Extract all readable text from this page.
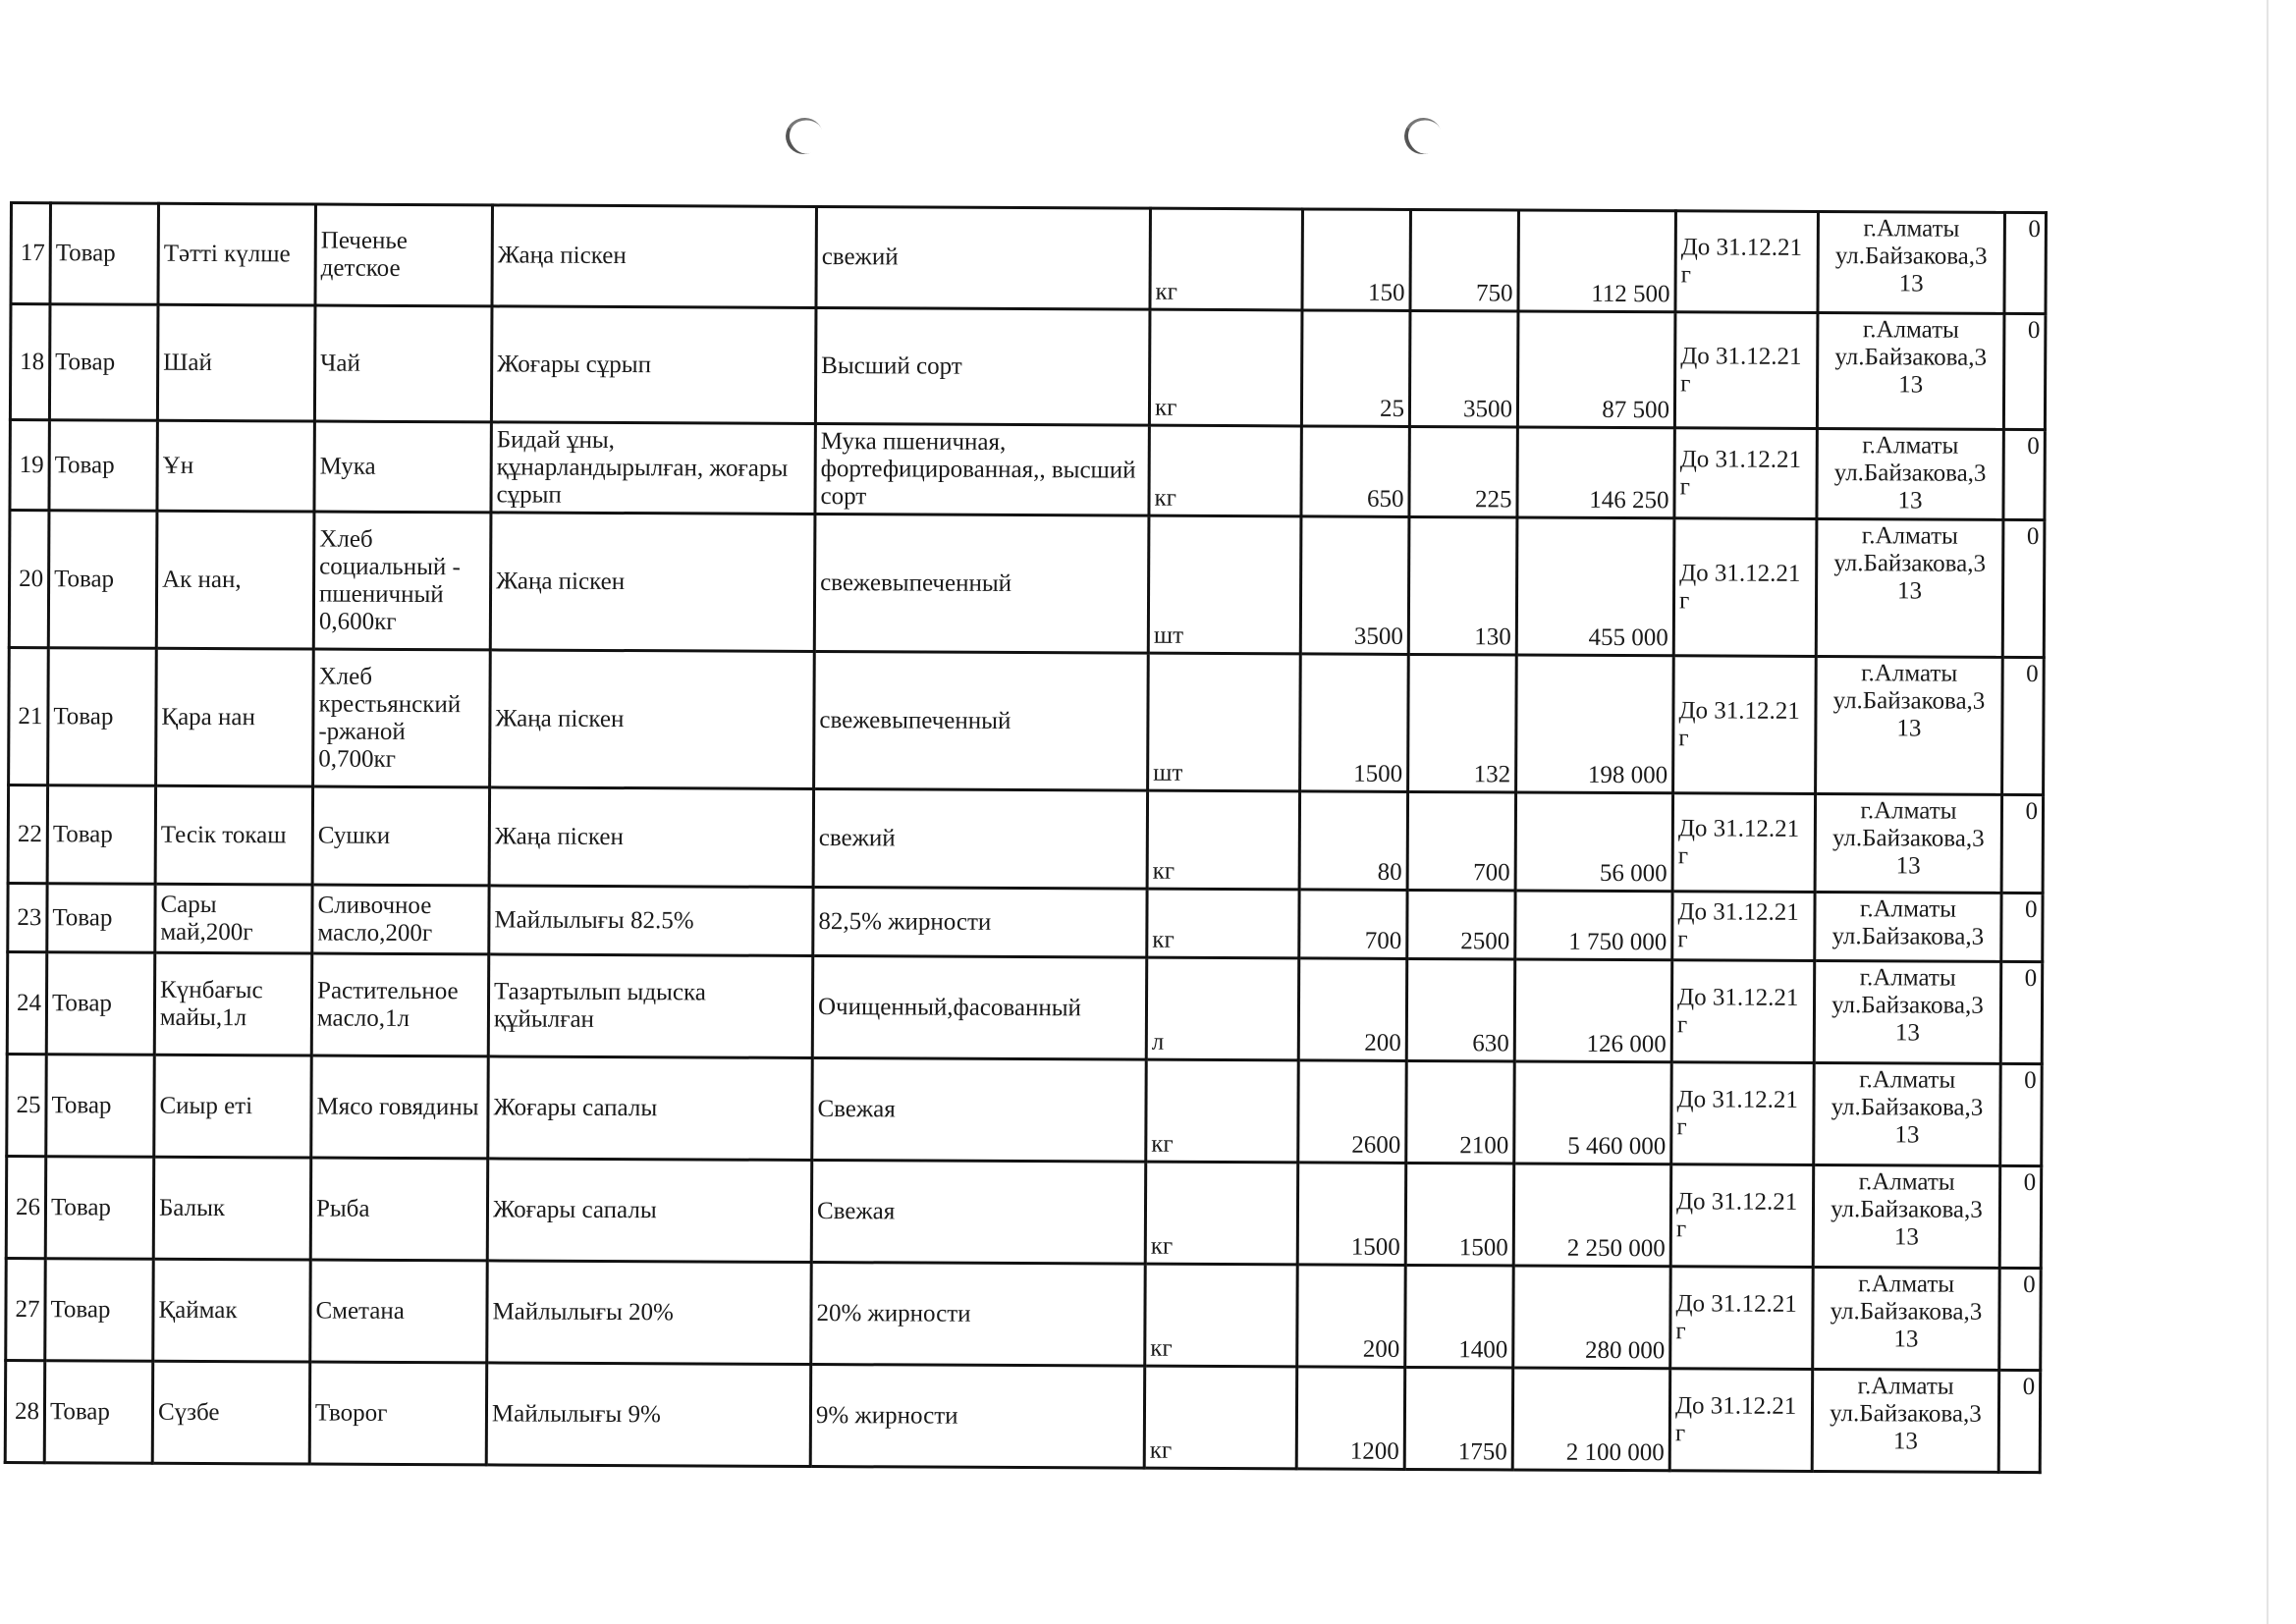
17	Товар	Тәтті күлше	Печенье детское	Жаңа піскен	свежий	кг	150	750	112 500	До 31.12.21 г	г.Алматы ул.Байзакова,3 13	0
18	Товар	Шай	Чай	Жоғары сұрып	Высший сорт	кг	25	3500	87 500	До 31.12.21 г	г.Алматы ул.Байзакова,3 13	0
19	Товар	Ұн	Мука	Бидай ұны, құнарландырылған, жоғары сұрып	Мука пшеничная, фортефицированная,, высший сорт	кг	650	225	146 250	До 31.12.21 г	г.Алматы ул.Байзакова,3 13	0
20	Товар	Ак нан,	Хлеб социальный - пшеничный 0,600кг	Жаңа піскен	свежевыпеченный	шт	3500	130	455 000	До 31.12.21 г	г.Алматы ул.Байзакова,3 13	0
21	Товар	Қара нан	Хлеб крестьянский -ржаной 0,700кг	Жаңа піскен	свежевыпеченный	шт	1500	132	198 000	До 31.12.21 г	г.Алматы ул.Байзакова,3 13	0
22	Товар	Тесік токаш	Сушки	Жаңа піскен	свежий	кг	80	700	56 000	До 31.12.21 г	г.Алматы ул.Байзакова,3 13	0
23	Товар	Сары май,200г	Сливочное масло,200г	Майлылығы 82.5%	82,5% жирности	кг	700	2500	1 750 000	До 31.12.21 г	г.Алматы ул.Байзакова,3	0
24	Товар	Күнбағыс майы,1л	Растительное масло,1л	Тазартылып ыдыска құйылған	Очищенный,фасованный	л	200	630	126 000	До 31.12.21 г	г.Алматы ул.Байзакова,3 13	0
25	Товар	Сиыр еті	Мясо говядины	Жоғары сапалы	Свежая	кг	2600	2100	5 460 000	До 31.12.21 г	г.Алматы ул.Байзакова,3 13	0
26	Товар	Балык	Рыба	Жоғары сапалы	Свежая	кг	1500	1500	2 250 000	До 31.12.21 г	г.Алматы ул.Байзакова,3 13	0
27	Товар	Қаймак	Сметана	Майлылығы 20%	20% жирности	кг	200	1400	280 000	До 31.12.21 г	г.Алматы ул.Байзакова,3 13	0
28	Товар	Сүзбе	Творог	Майлылығы 9%	9% жирности	кг	1200	1750	2 100 000	До 31.12.21 г	г.Алматы ул.Байзакова,3 13	0
